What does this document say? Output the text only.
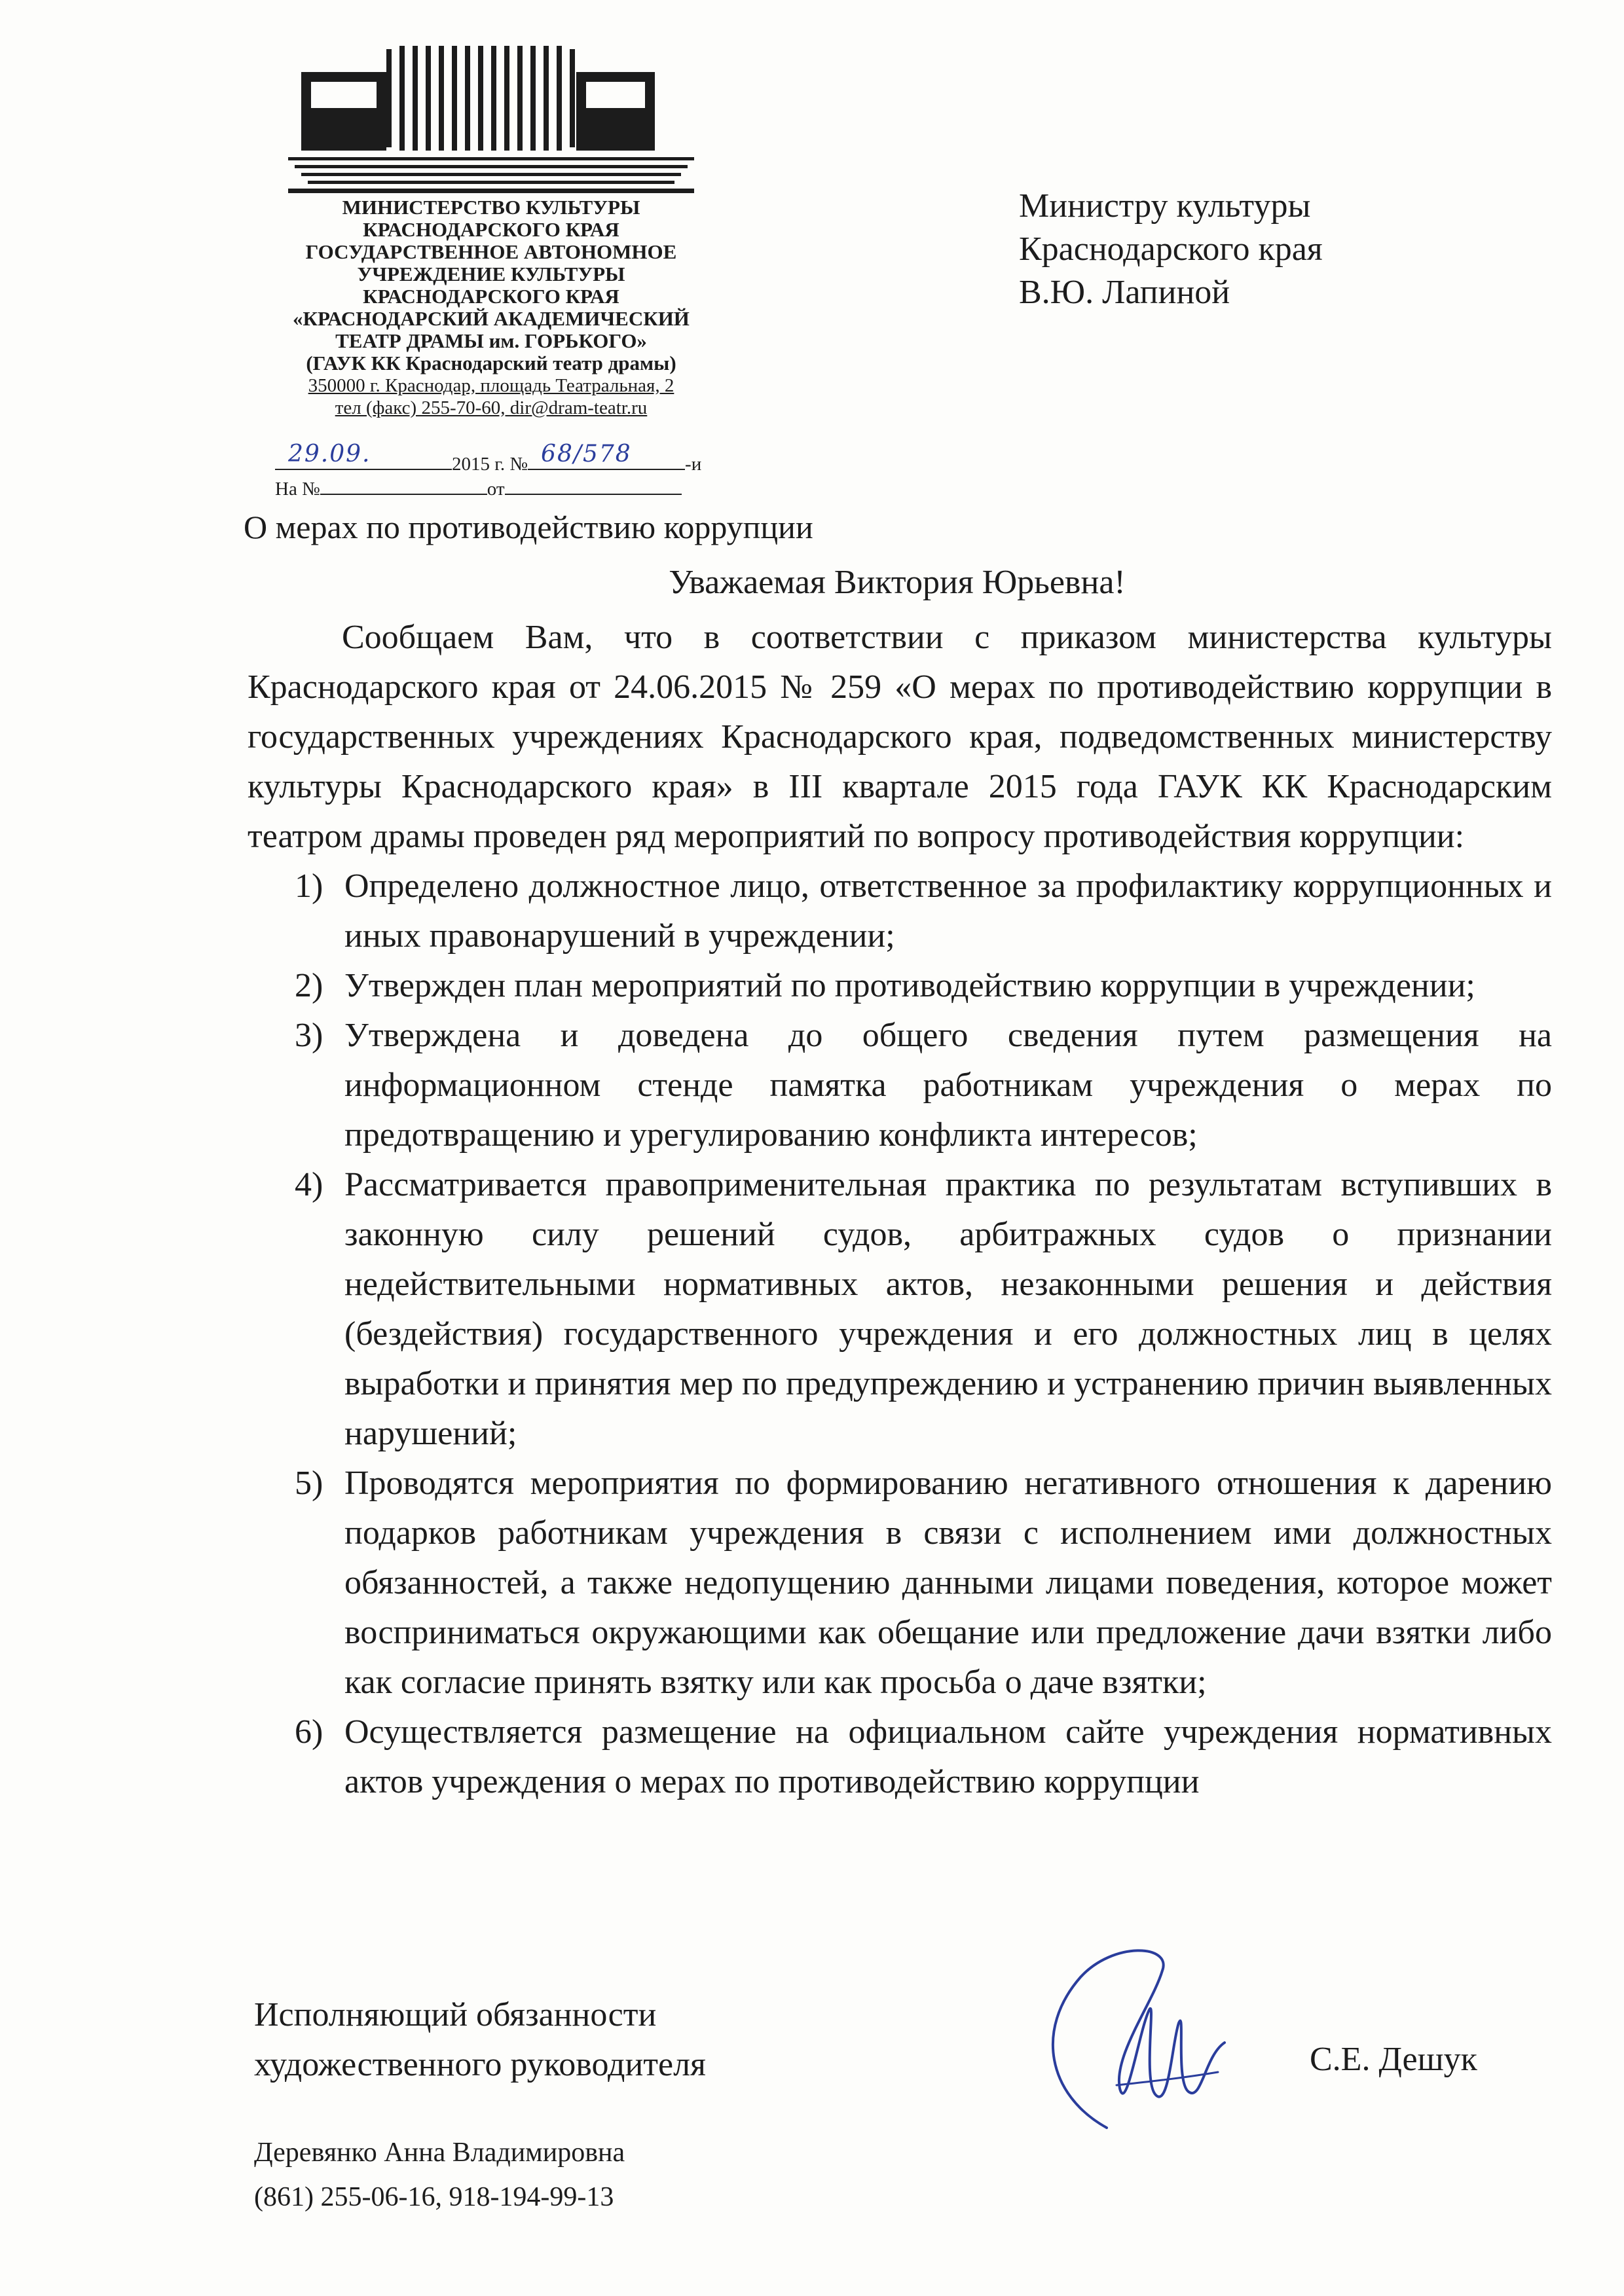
МИНИСТЕРСТВО КУЛЬТУРЫ
КРАСНОДАРСКОГО КРАЯ
ГОСУДАРСТВЕННОЕ АВТОНОМНОЕ
УЧРЕЖДЕНИЕ КУЛЬТУРЫ
КРАСНОДАРСКОГО КРАЯ
«КРАСНОДАРСКИЙ АКАДЕМИЧЕСКИЙ
ТЕАТР ДРАМЫ им. ГОРЬКОГО»
(ГАУК КК Краснодарский театр драмы)
350000 г. Краснодар, площадь Театральная, 2
тел (факс) 255-70-60, dir@dram-teatr.ru
29.09.	2015 г. № 68/578	-и
На №	от
Министру культуры
Краснодарского края
В.Ю. Лапиной
О мерах по противодействию коррупции
Уважаемая Виктория Юрьевна!

Сообщаем Вам, что в соответствии с приказом министерства культуры Краснодарского края от 24.06.2015 № 259 «О мерах по противодействию коррупции в государственных учреждениях Краснодарского края, подведомственных министерству культуры Краснодарского края» в III квартале 2015 года ГАУК КК Краснодарским театром драмы проведен ряд мероприятий по вопросу противодействия коррупции:

1) Определено должностное лицо, ответственное за профилактику коррупционных и иных правонарушений в учреждении;
2) Утвержден план мероприятий по противодействию коррупции в учреждении;
3) Утверждена и доведена до общего сведения путем размещения на информационном стенде памятка работникам учреждения о мерах по предотвращению и урегулированию конфликта интересов;
4) Рассматривается правоприменительная практика по результатам вступивших в законную силу решений судов, арбитражных судов о признании недействительными нормативных актов, незаконными решения и действия (бездействия) государственного учреждения и его должностных лиц в целях выработки и принятия мер по предупреждению и устранению причин выявленных нарушений;
5) Проводятся мероприятия по формированию негативного отношения к дарению подарков работникам учреждения в связи с исполнением ими должностных обязанностей, а также недопущению данными лицами поведения, которое может восприниматься окружающими как обещание или предложение дачи взятки либо как согласие принять взятку или как просьба о даче взятки;
6) Осуществляется размещение на официальном сайте учреждения нормативных актов учреждения о мерах по противодействию коррупции
Исполняющий обязанности
художественного руководителя	С.Е. Дешук
Деревянко Анна Владимировна
(861) 255-06-16, 918-194-99-13
